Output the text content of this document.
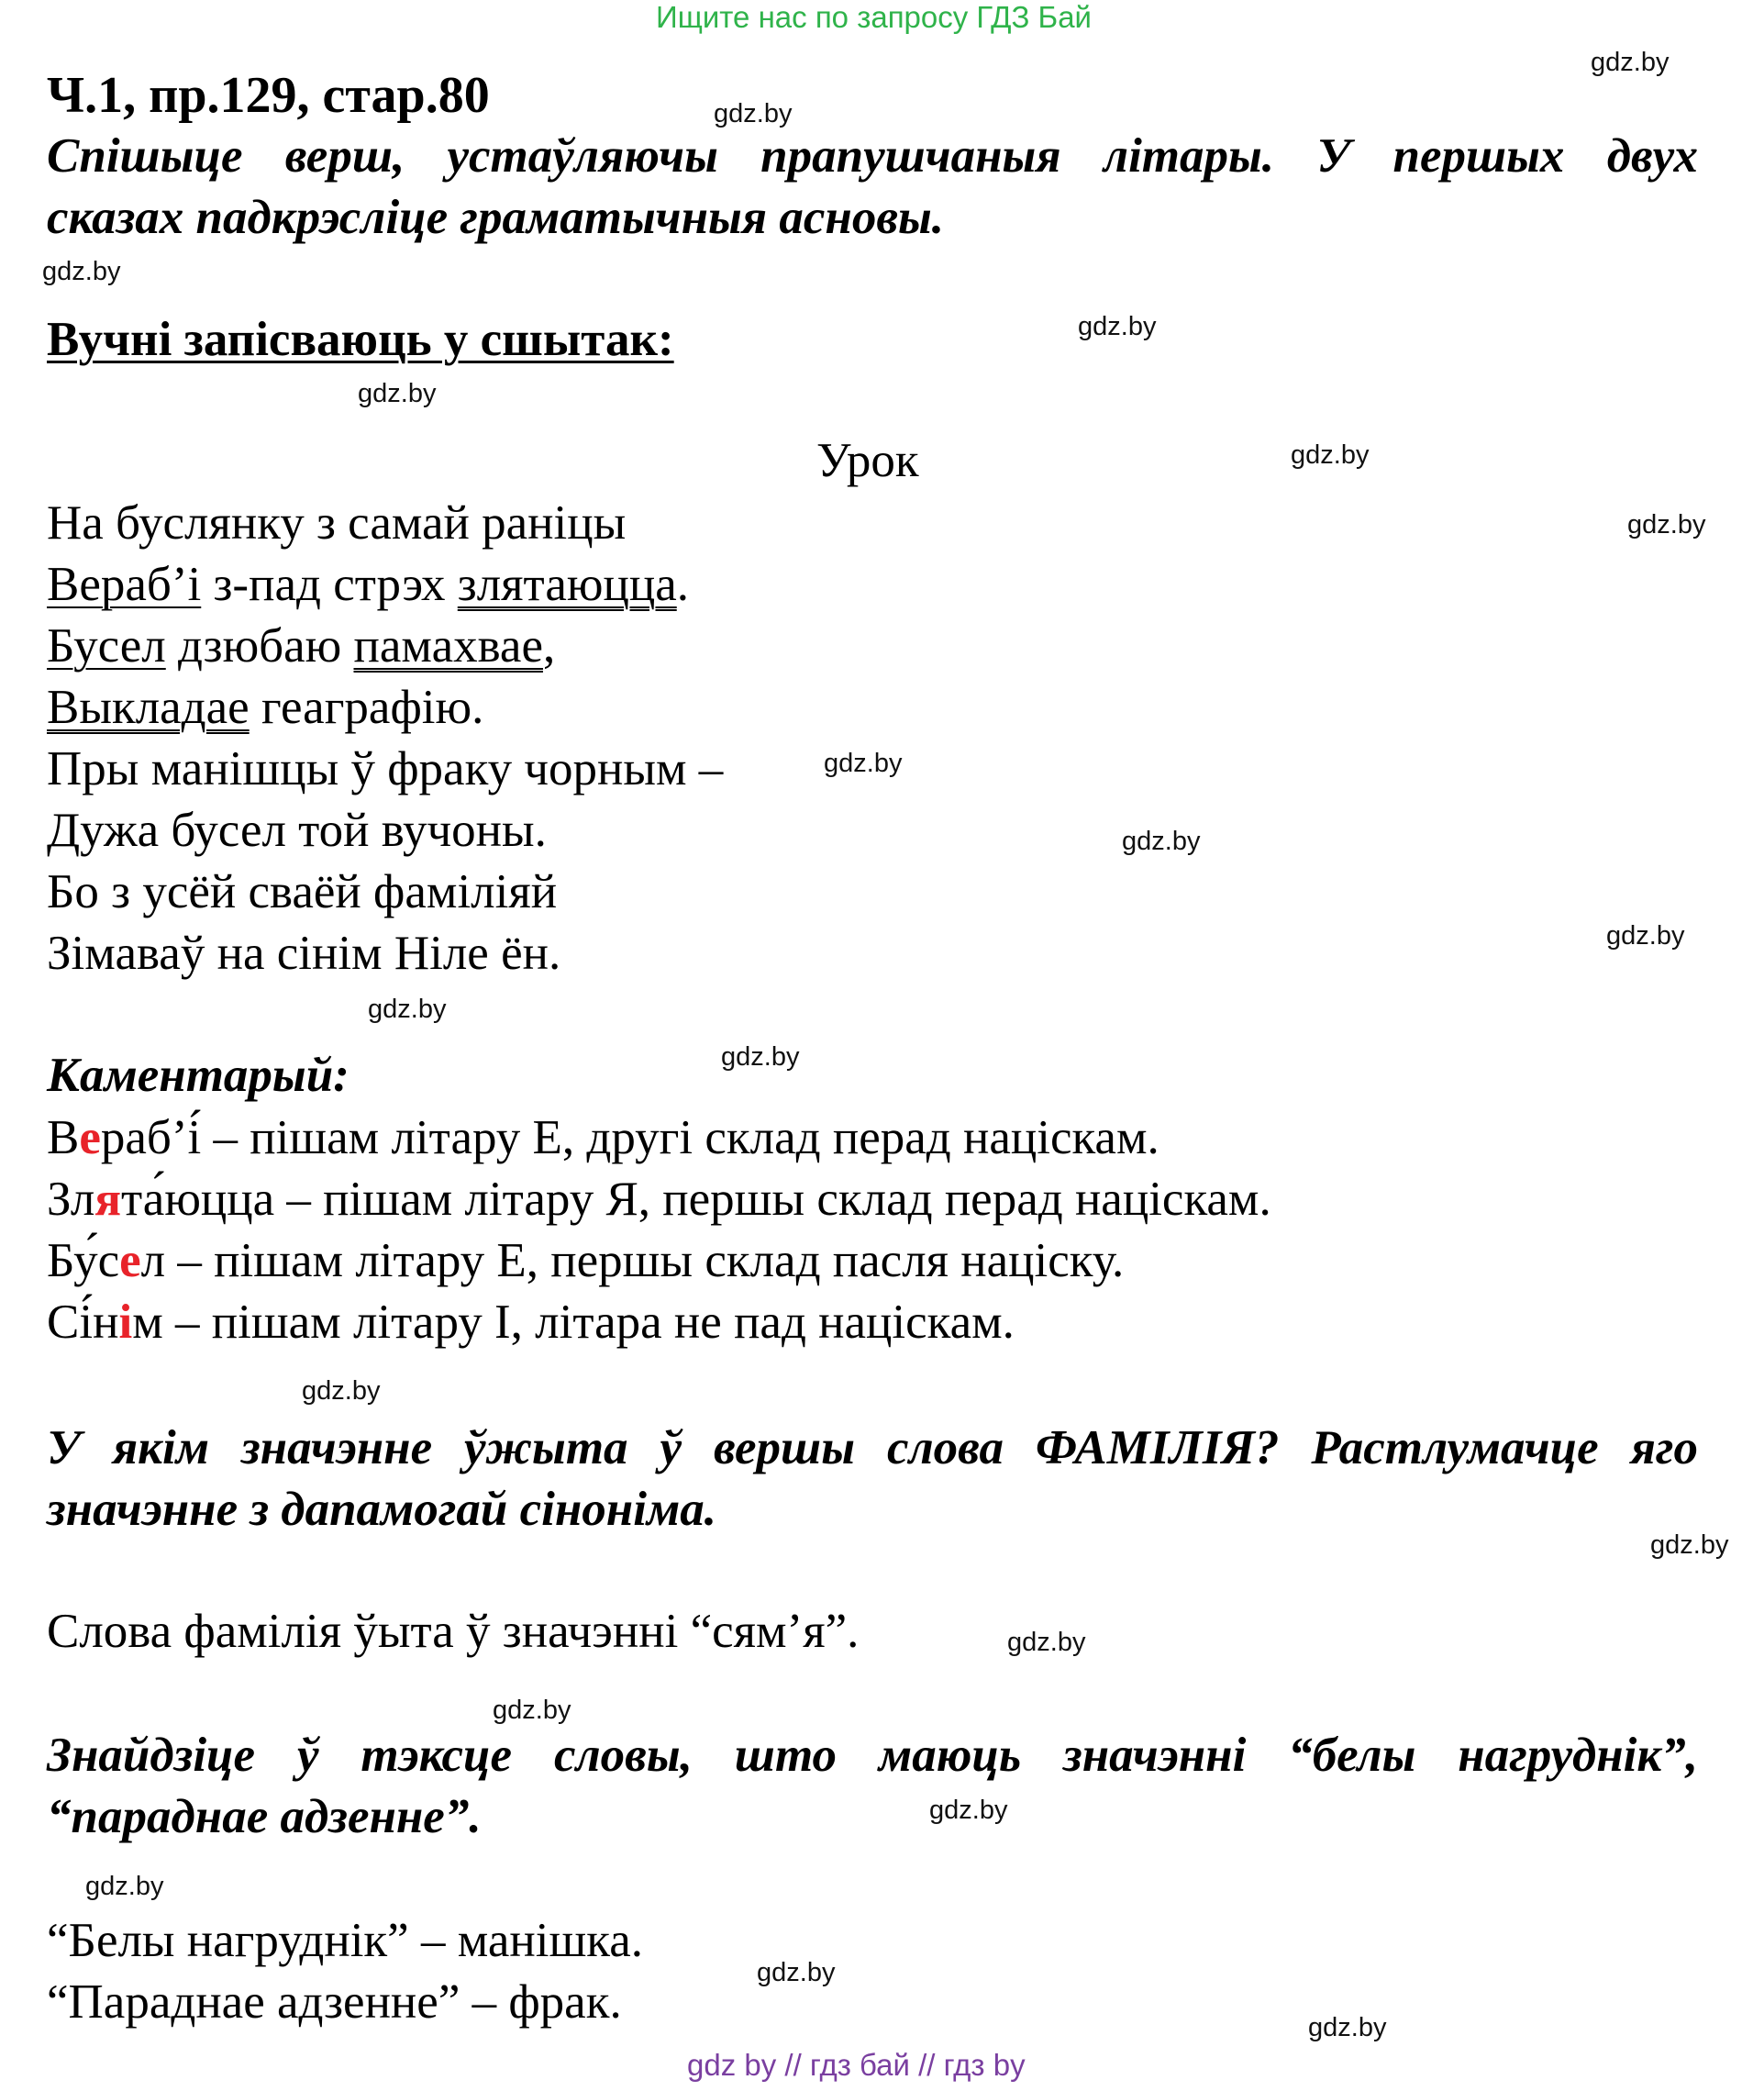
Ищите нас по запросу ГДЗ Бай
Ч.1, пр.129, стар.80
Спішыце верш, устаўляючы прапушчаныя літары. У першых двух
сказах падкрэсліце граматычныя асновы.
Вучні запісваюць у сшытак:
Урок
На буслянку з самай раніцы
Вераб’і з-пад стрэх злятаюцца.
Бусел дзюбаю памахвае,
Выкладае геаграфію.
Пры манішцы ў фраку чорным –
Дужа бусел той вучоны.
Бо з усёй сваёй фаміліяй
Зімаваў на сінім Ніле ён.
Каментарый:
Вераб’і́ – пішам літару Е, другі склад перад націскам.
Злята́юцца – пішам літару Я, першы склад перад націскам.
Бу́сел – пішам літару Е, першы склад пасля націску.
Сі́нім – пішам літару І, літара не пад націскам.
У якім значэнне ўжыта ў вершы слова ФАМІЛІЯ? Растлумачце яго
значэнне з дапамогай сіноніма.
Слова фамілія ўыта ў значэнні “сям’я”.
Знайдзіце ў тэксце словы, што маюць значэнні “белы нагруднік”,
“параднае адзенне”.
“Белы нагруднік” – манішка.
“Параднае адзенне” – фрак.
gdz.by
gdz.by
gdz.by
gdz.by
gdz.by
gdz.by
gdz.by
gdz.by
gdz.by
gdz.by
gdz.by
gdz.by
gdz.by
gdz.by
gdz.by
gdz.by
gdz.by
gdz.by
gdz.by
gdz.by
gdz by // гдз бай // гдз by
